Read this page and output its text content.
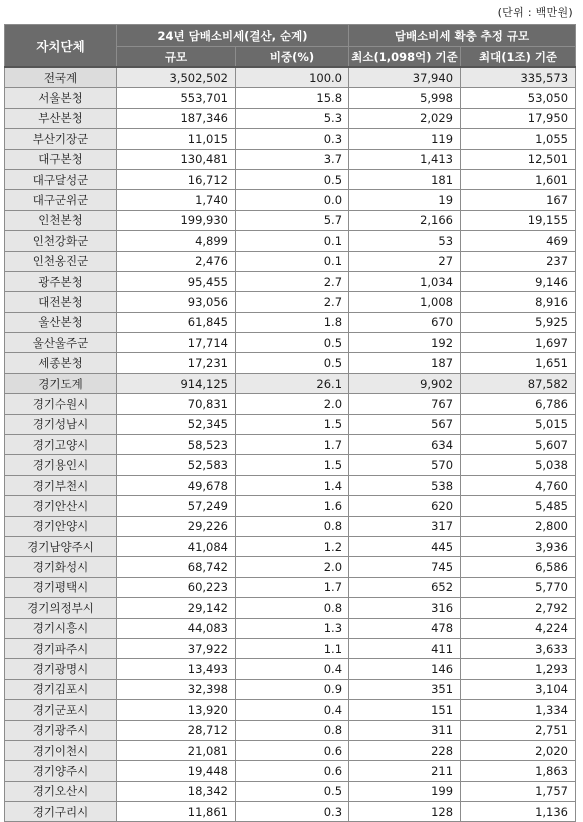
(단위 : 백만원)
자치단체	24년 담배소비세(결산, 순계)		담배소비세 확충 추정 규모	
	규모	비중(%)	최소(1,098억) 기준	최대(1조) 기준
전국계	3,502,502	100.0	37,940	335,573
서울본청	553,701	15.8	5,998	53,050
부산본청	187,346	5.3	2,029	17,950
부산기장군	11,015	0.3	119	1,055
대구본청	130,481	3.7	1,413	12,501
대구달성군	16,712	0.5	181	1,601
대구군위군	1,740	0.0	19	167
인천본청	199,930	5.7	2,166	19,155
인천강화군	4,899	0.1	53	469
인천옹진군	2,476	0.1	27	237
광주본청	95,455	2.7	1,034	9,146
대전본청	93,056	2.7	1,008	8,916
울산본청	61,845	1.8	670	5,925
울산울주군	17,714	0.5	192	1,697
세종본청	17,231	0.5	187	1,651
경기도계	914,125	26.1	9,902	87,582
경기수원시	70,831	2.0	767	6,786
경기성남시	52,345	1.5	567	5,015
경기고양시	58,523	1.7	634	5,607
경기용인시	52,583	1.5	570	5,038
경기부천시	49,678	1.4	538	4,760
경기안산시	57,249	1.6	620	5,485
경기안양시	29,226	0.8	317	2,800
경기남양주시	41,084	1.2	445	3,936
경기화성시	68,742	2.0	745	6,586
경기평택시	60,223	1.7	652	5,770
경기의정부시	29,142	0.8	316	2,792
경기시흥시	44,083	1.3	478	4,224
경기파주시	37,922	1.1	411	3,633
경기광명시	13,493	0.4	146	1,293
경기김포시	32,398	0.9	351	3,104
경기군포시	13,920	0.4	151	1,334
경기광주시	28,712	0.8	311	2,751
경기이천시	21,081	0.6	228	2,020
경기양주시	19,448	0.6	211	1,863
경기오산시	18,342	0.5	199	1,757
경기구리시	11,861	0.3	128	1,136
